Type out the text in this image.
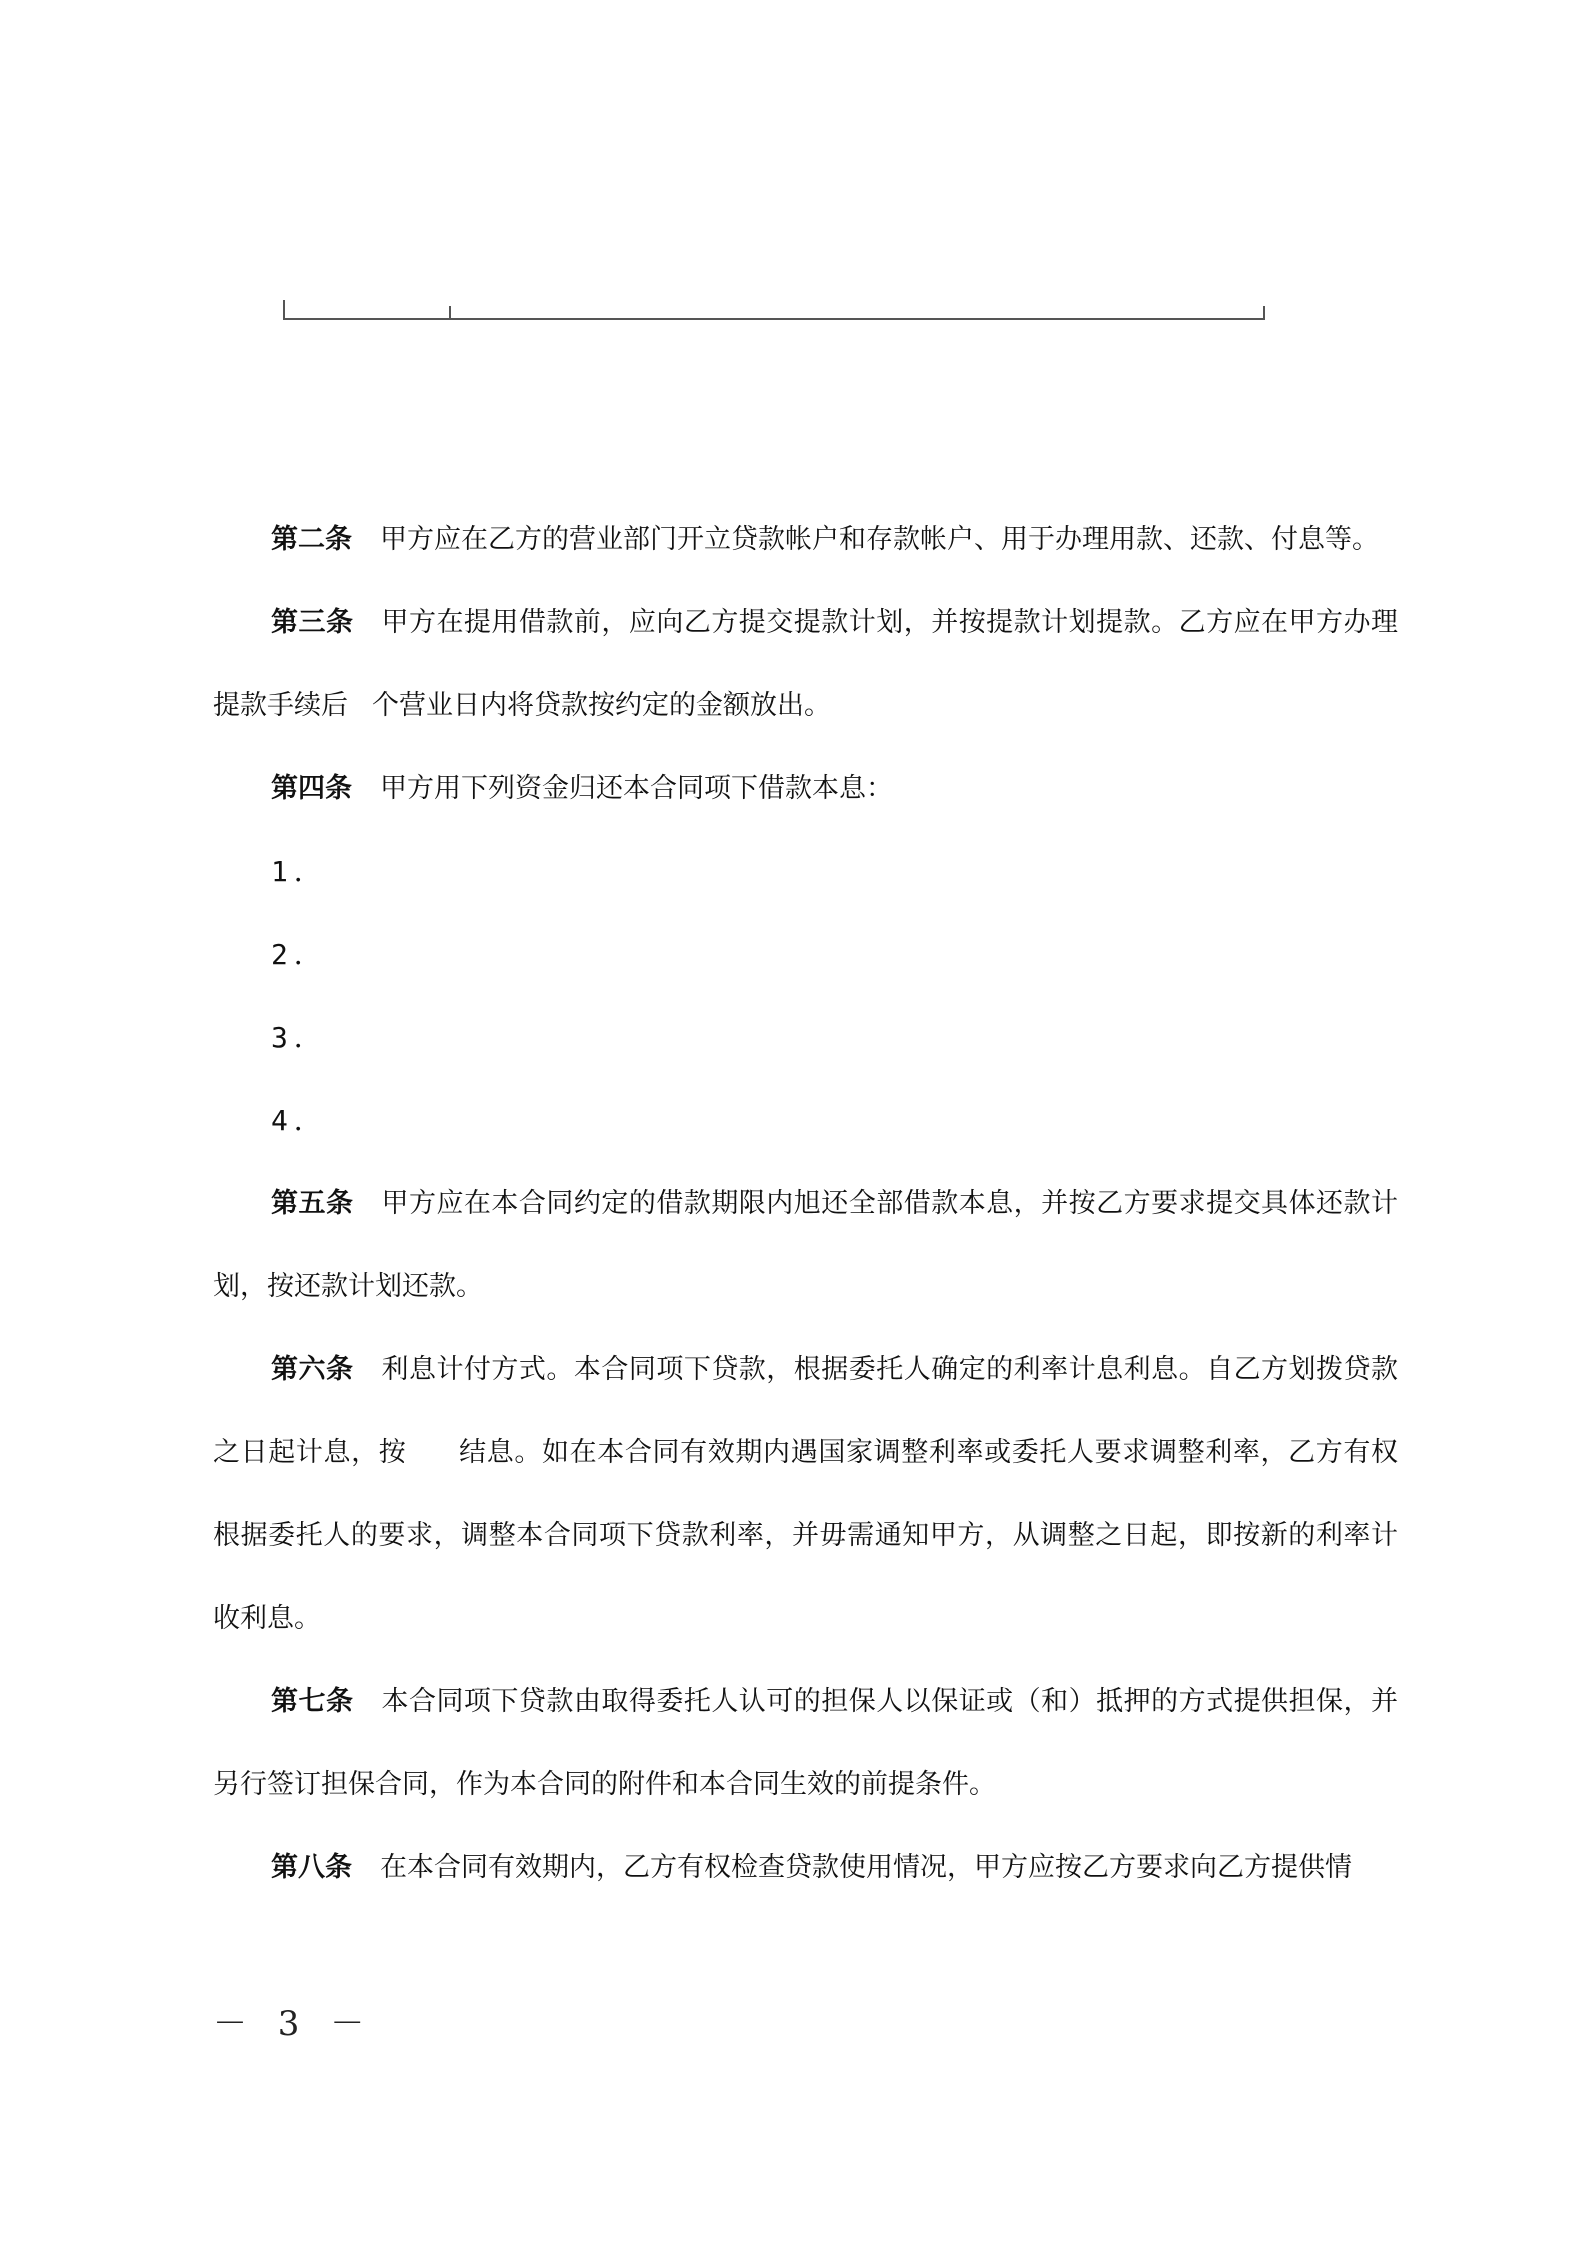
第二条 甲方应在乙方的营业部门开立贷款帐户和存款帐户、用于办理用款、还款、付息等。

第三条 甲方在提用借款前，应向乙方提交提款计划，并按提款计划提款。乙方应在甲方办理提款手续后 个营业日内将贷款按约定的金额放出。

第四条 甲方用下列资金归还本合同项下借款本息：

1．

2．

3．

4．

第五条 甲方应在本合同约定的借款期限内旭还全部借款本息，并按乙方要求提交具体还款计划，按还款计划还款。

第六条 利息计付方式。本合同项下贷款，根据委托人确定的利率计息利息。自乙方划拨贷款之日起计息，按 结息。如在本合同有效期内遇国家调整利率或委托人要求调整利率，乙方有权根据委托人的要求，调整本合同项下贷款利率，并毋需通知甲方，从调整之日起，即按新的利率计收利息。

第七条 本合同项下贷款由取得委托人认可的担保人以保证或（和）抵押的方式提供担保，并另行签订担保合同，作为本合同的附件和本合同生效的前提条件。

第八条 在本合同有效期内，乙方有权检查贷款使用情况，甲方应按乙方要求向乙方提供情

－ 3 －
